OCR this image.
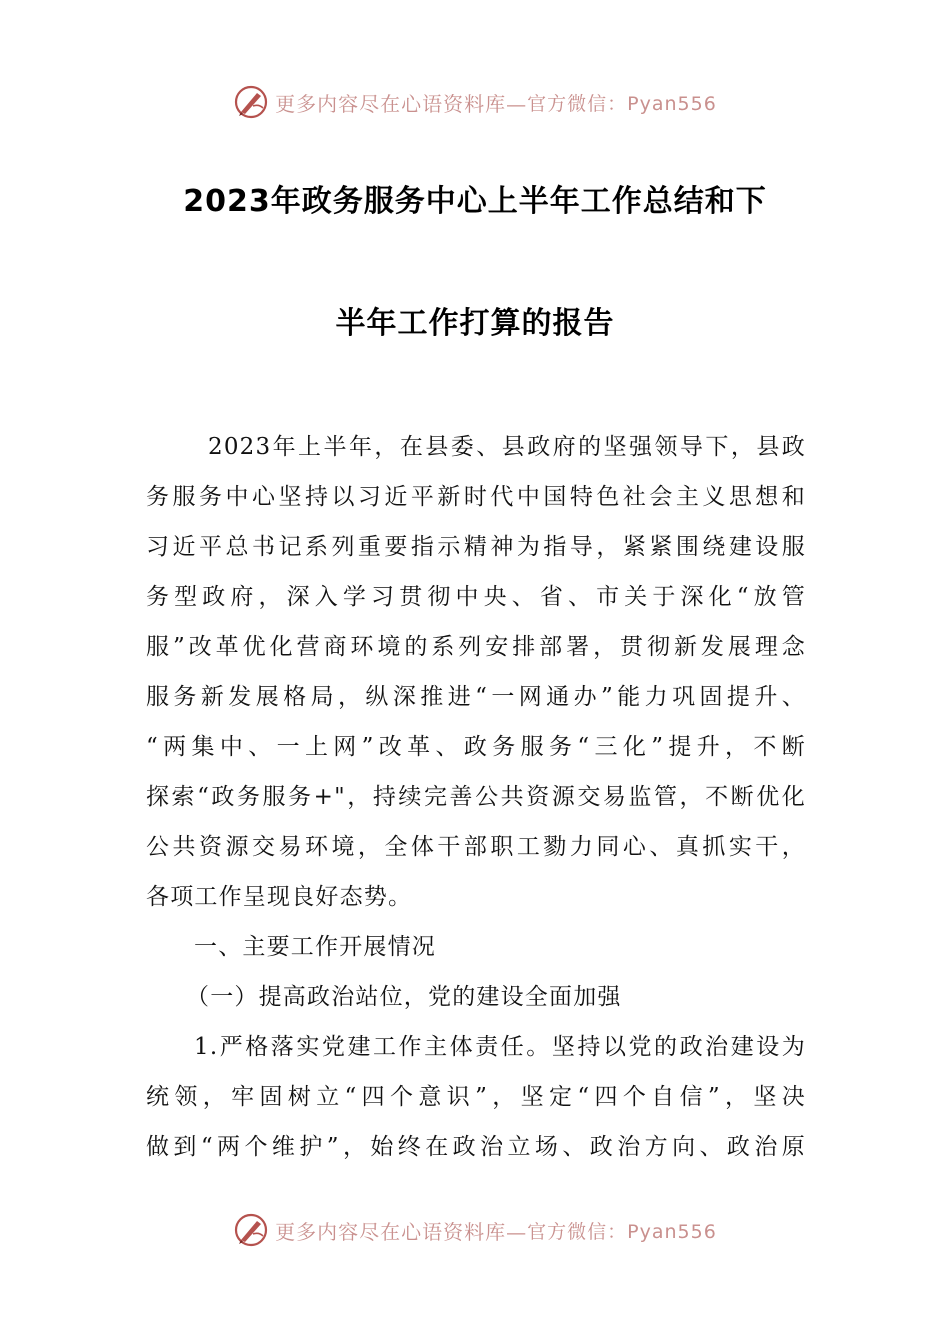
更多内容尽在心语资料库— 官方微信：Pyan556
2023年政务服务中心上半年工作总结和下
半年工作打算的报告
2023年上半年，在县委、县政府的坚强领导下，县政
务服务中心坚持以习近平新时代中国特色社会主义思想和
习近平总书记系列重要指示精神为指导，紧紧围绕建设服
务型政府，深入学习贯彻中央、省、市关于深化“放管
服”改革优化营商环境的系列安排部署，贯彻新发展理念
服务新发展格局，纵深推进“一网通办”能力巩固提升、
“两集中、一上网”改革、政务服务“三化”提升，不断
探索“政务服务+"，持续完善公共资源交易监管，不断优化
公共资源交易环境，全体干部职工勠力同心、真抓实干，
各项工作呈现良好态势。
一、主要工作开展情况
（一）提高政治站位，党的建设全面加强
1.严格落实党建工作主体责任。坚持以党的政治建设为
统领，牢固树立“四个意识”，坚定“四个自信”，坚决
做到“两个维护”，始终在政治立场、政治方向、政治原
更多内容尽在心语资料库— 官方微信：Pyan556
